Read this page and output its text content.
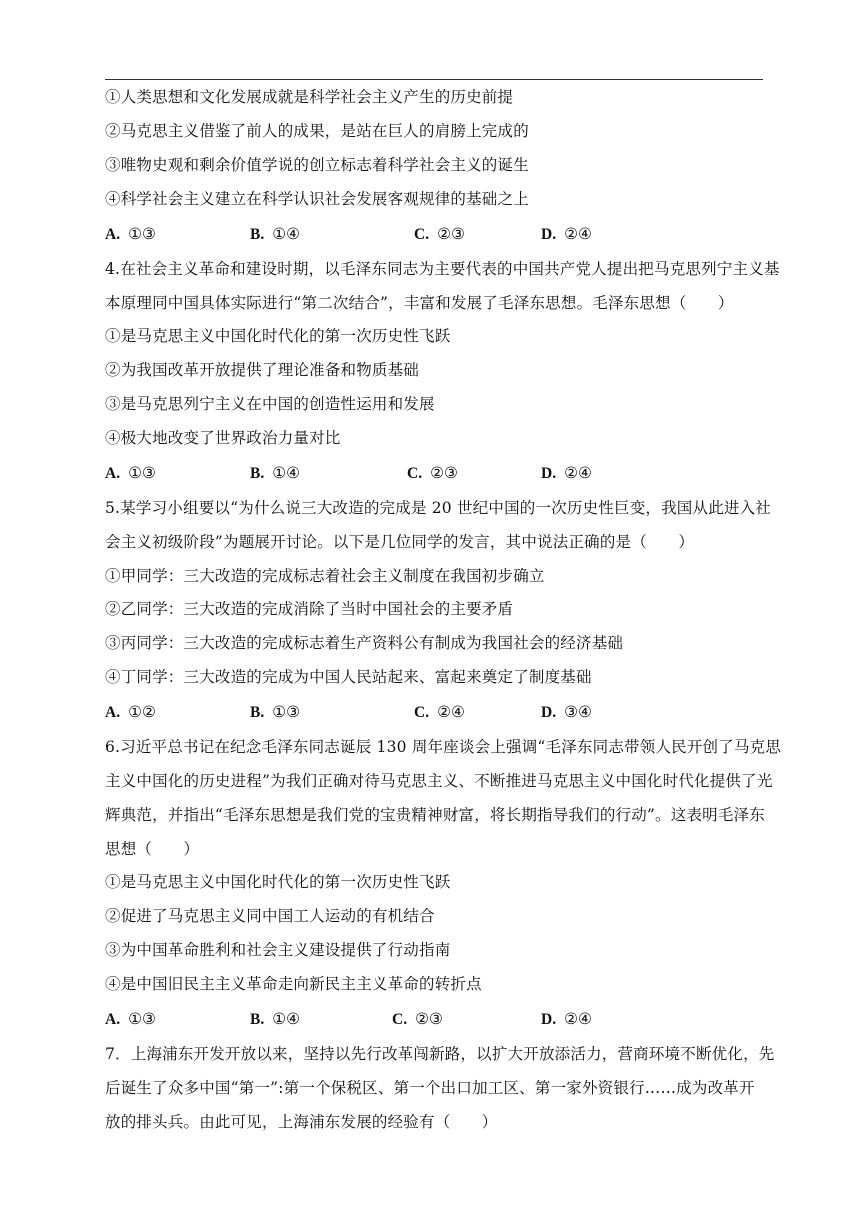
①人类思想和文化发展成就是科学社会主义产生的历史前提
②马克思主义借鉴了前人的成果，是站在巨人的肩膀上完成的
③唯物史观和剩余价值学说的创立标志着科学社会主义的诞生
④科学社会主义建立在科学认识社会发展客观规律的基础之上
A. ①③	B. ①④	C. ②③	D. ②④
4.在社会主义革命和建设时期，以毛泽东同志为主要代表的中国共产党人提出把马克思列宁主义基
本原理同中国具体实际进行“第二次结合”，丰富和发展了毛泽东思想。毛泽东思想（　　）
①是马克思主义中国化时代化的第一次历史性飞跃
②为我国改革开放提供了理论准备和物质基础
③是马克思列宁主义在中国的创造性运用和发展
④极大地改变了世界政治力量对比
A. ①③	B. ①④	C. ②③	D. ②④
5.某学习小组要以“为什么说三大改造的完成是 20 世纪中国的一次历史性巨变，我国从此进入社
会主义初级阶段”为题展开讨论。以下是几位同学的发言，其中说法正确的是（　　）
①甲同学：三大改造的完成标志着社会主义制度在我国初步确立
②乙同学：三大改造的完成消除了当时中国社会的主要矛盾
③丙同学：三大改造的完成标志着生产资料公有制成为我国社会的经济基础
④丁同学：三大改造的完成为中国人民站起来、富起来奠定了制度基础
A. ①②	B. ①③	C. ②④	D. ③④
6.习近平总书记在纪念毛泽东同志诞辰 130 周年座谈会上强调“毛泽东同志带领人民开创了马克思
主义中国化的历史进程”为我们正确对待马克思主义、不断推进马克思主义中国化时代化提供了光
辉典范，并指出“毛泽东思想是我们党的宝贵精神财富，将长期指导我们的行动”。这表明毛泽东
思想（　　）
①是马克思主义中国化时代化的第一次历史性飞跃
②促进了马克思主义同中国工人运动的有机结合
③为中国革命胜利和社会主义建设提供了行动指南
④是中国旧民主主义革命走向新民主主义革命的转折点
A. ①③	B. ①④	C. ②③	D. ②④
7．上海浦东开发开放以来，坚持以先行改革闯新路，以扩大开放添活力，营商环境不断优化，先
后诞生了众多中国“第一”:第一个保税区、第一个出口加工区、第一家外资银行……成为改革开
放的排头兵。由此可见，上海浦东发展的经验有（　　）
